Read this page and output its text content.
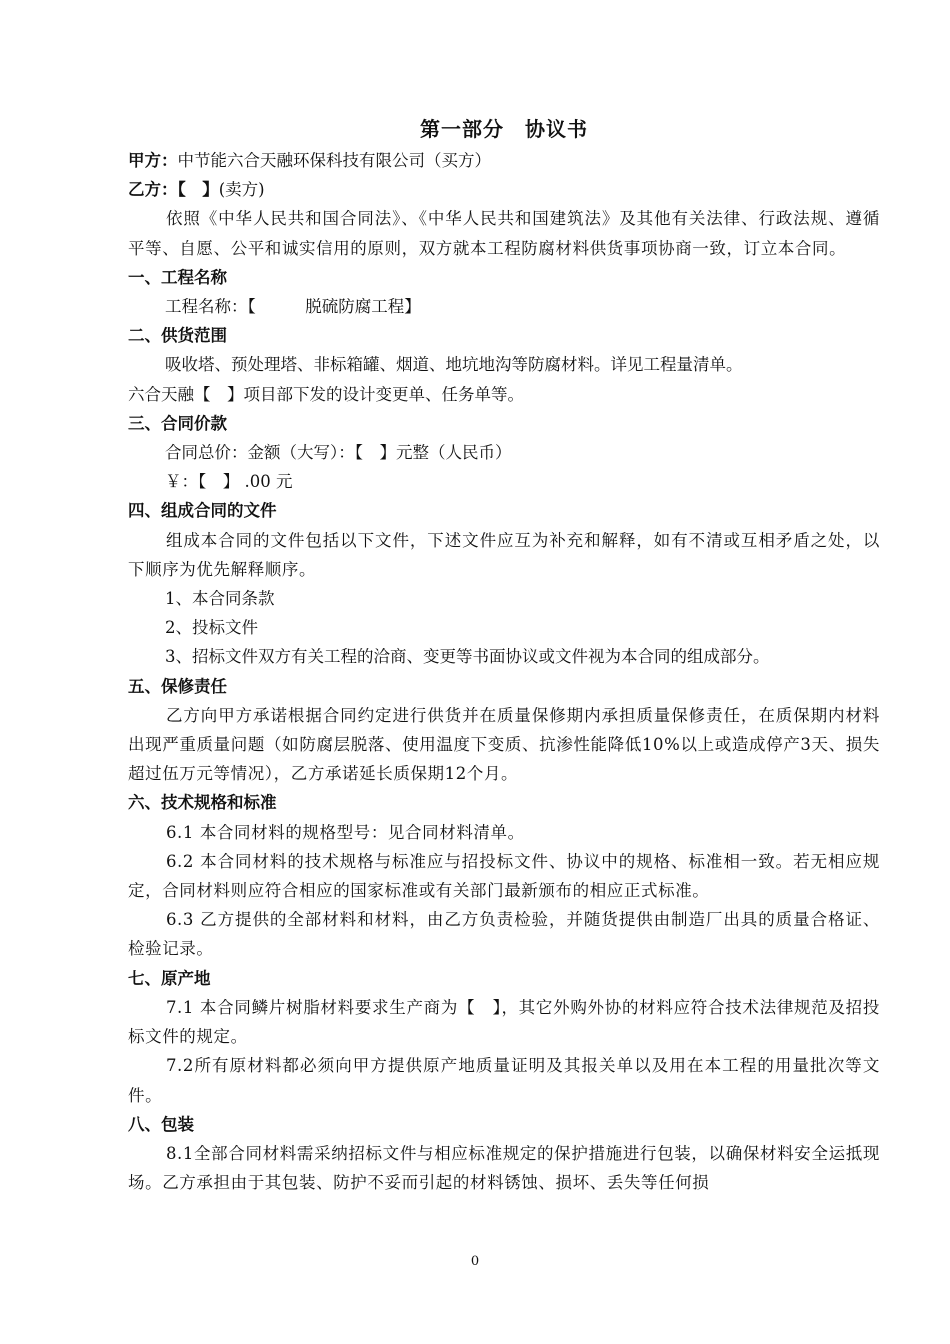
第一部分　协议书
甲方：中节能六合天融环保科技有限公司（买方）
乙方：【　】(卖方)
依照《中华人民共和国合同法》、《中华人民共和国建筑法》及其他有关法律、行政法规、遵循平等、自愿、公平和诚实信用的原则，双方就本工程防腐材料供货事项协商一致，订立本合同。
一、工程名称
工程名称：【　　　脱硫防腐工程】
二、供货范围
吸收塔、预处理塔、非标箱罐、烟道、地坑地沟等防腐材料。详见工程量清单。
六合天融【　】项目部下发的设计变更单、任务单等。
三、合同价款
合同总价：金额（大写）：【　】元整（人民币）
￥：【　】 .00 元
四、组成合同的文件
组成本合同的文件包括以下文件，下述文件应互为补充和解释，如有不清或互相矛盾之处，以下顺序为优先解释顺序。
1、本合同条款
2、投标文件
3、招标文件双方有关工程的洽商、变更等书面协议或文件视为本合同的组成部分。
五、保修责任
乙方向甲方承诺根据合同约定进行供货并在质量保修期内承担质量保修责任，在质保期内材料出现严重质量问题（如防腐层脱落、使用温度下变质、抗渗性能降低10%以上或造成停产3天、损失超过伍万元等情况），乙方承诺延长质保期12个月。
六、技术规格和标准
6.1 本合同材料的规格型号：见合同材料清单。
6.2 本合同材料的技术规格与标准应与招投标文件、协议中的规格、标准相一致。若无相应规定，合同材料则应符合相应的国家标准或有关部门最新颁布的相应正式标准。
6.3 乙方提供的全部材料和材料，由乙方负责检验，并随货提供由制造厂出具的质量合格证、检验记录。
七、原产地
7.1 本合同鳞片树脂材料要求生产商为【　】，其它外购外协的材料应符合技术法律规范及招投标文件的规定。
7.2所有原材料都必须向甲方提供原产地质量证明及其报关单以及用在本工程的用量批次等文件。
八、包装
8.1全部合同材料需采纳招标文件与相应标准规定的保护措施进行包装，以确保材料安全运抵现场。乙方承担由于其包装、防护不妥而引起的材料锈蚀、损坏、丢失等任何损
0
